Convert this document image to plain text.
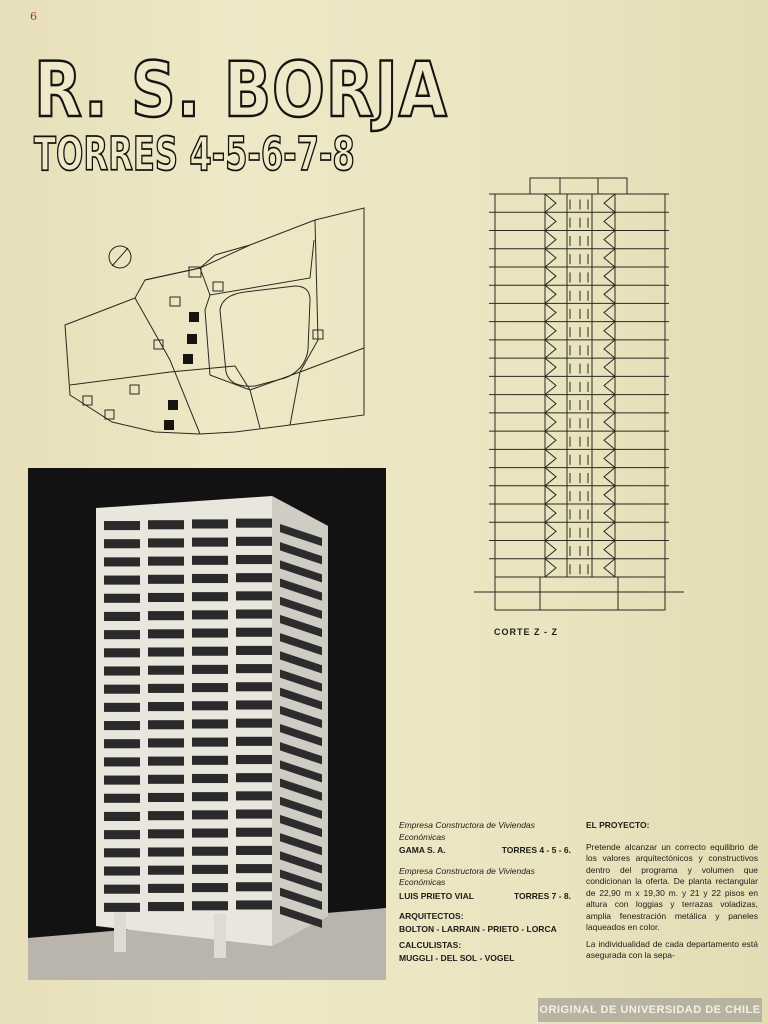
6
R. S. BORJA
TORRES 4-5-6-7-8
CORTE Z - Z

Empresa Constructora de Viviendas Económicas

GAMA S. A.	TORRES 4 - 5 - 6.

Empresa Constructora de Viviendas Económicas

LUIS PRIETO VIAL	TORRES 7 - 8.

ARQUITECTOS:

BOLTON - LARRAIN - PRIETO - LORCA

CALCULISTAS:

MUGGLI - DEL SOL - VOGEL

EL PROYECTO:

Pretende alcanzar un correcto equilibrio de los valores arquitectónicos y constructivos dentro del programa y volumen que condicionan la oferta. De planta rectangular de 22,90 m x 19,30 m. y 21 y 22 pisos en altura con loggias y terrazas voladizas, amplia fenestración metálica y paneles laqueados en color.

La individualidad de cada departamento está asegurada con la sepa-

ORIGINAL DE UNIVERSIDAD DE CHILE
